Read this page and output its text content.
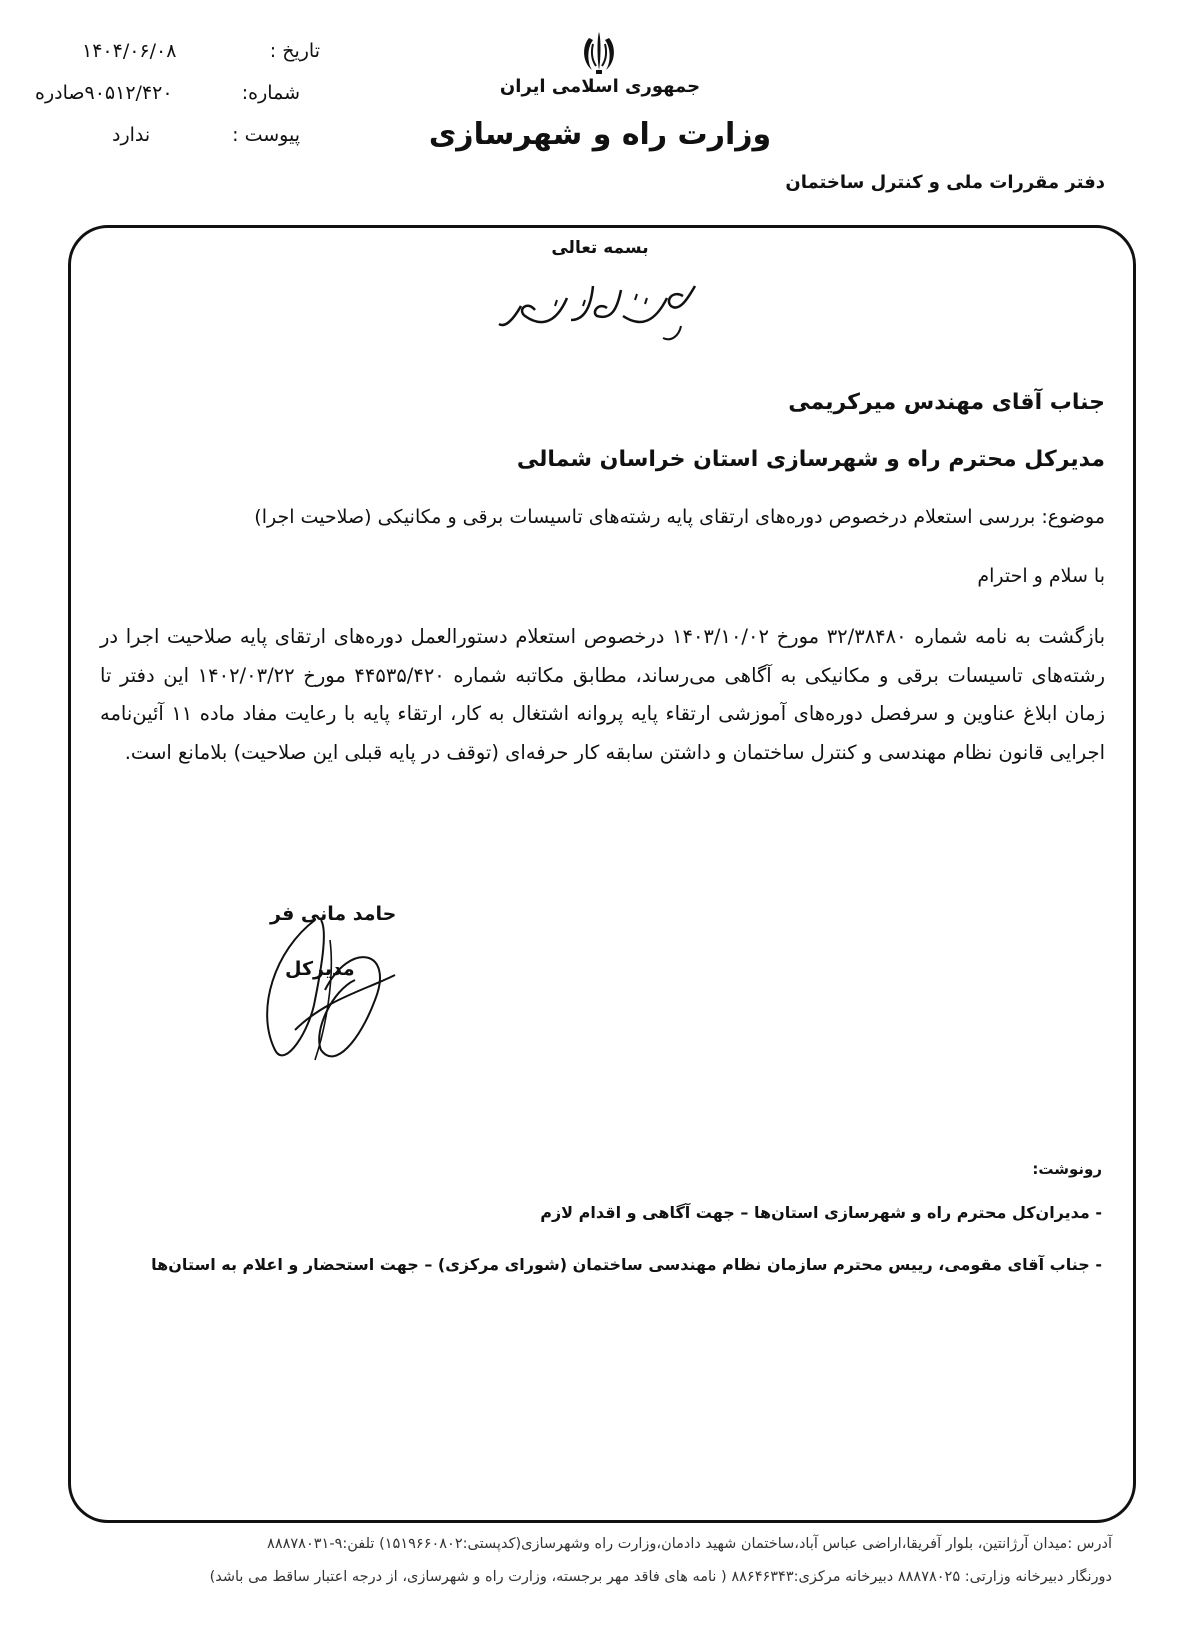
تاریخ :
۱۴۰۴/۰۶/۰۸
شماره:
۹۰۵۱۲/۴۲۰صادره
پیوست :
ندارد
جمهوری اسلامی ایران
وزارت راه و شهرسازی
دفتر مقررات ملی و کنترل ساختمان
بسمه تعالی
جناب آقای مهندس میرکریمی
مدیرکل محترم راه و شهرسازی استان خراسان شمالی
موضوع: بررسی استعلام درخصوص دوره‌های ارتقای پایه رشته‌های تاسیسات برقی و مکانیکی (صلاحیت اجرا)
با سلام و احترام
بازگشت به نامه شماره ۳۲/۳۸۴۸۰ مورخ ۱۴۰۳/۱۰/۰۲ درخصوص استعلام دستورالعمل دوره‌های ارتقای پایه صلاحیت اجرا در رشته‌های تاسیسات برقی و مکانیکی به آگاهی می‌رساند، مطابق مکاتبه شماره ۴۴۵۳۵/۴۲۰ مورخ ۱۴۰۲/۰۳/۲۲ این دفتر تا زمان ابلاغ عناوین و سرفصل دوره‌های آموزشی ارتقاء پایه پروانه اشتغال به کار، ارتقاء پایه با رعایت مفاد ماده ۱۱ آئین‌نامه اجرایی قانون نظام مهندسی و کنترل ساختمان و داشتن سابقه کار حرفه‌ای (توقف در پایه قبلی این صلاحیت) بلامانع است.
حامد مانی فر
مدیرکل
رونوشت:
- مدیران‌کل محترم راه و شهرسازی استان‌ها – جهت آگاهی و اقدام لازم
- جناب آقای مقومی، رییس محترم سازمان نظام مهندسی ساختمان (شورای مرکزی) – جهت استحضار و اعلام به استان‌ها
آدرس :میدان آرژانتین، بلوار آفریقا،اراضی عباس آباد،ساختمان شهید دادمان،وزارت راه وشهرسازی(کدپستی:۱۵۱۹۶۶۰۸۰۲) تلفن:۹-۸۸۸۷۸۰۳۱
دورنگار دبیرخانه وزارتی: ۸۸۸۷۸۰۲۵ دبیرخانه مرکزی:۸۸۶۴۶۳۴۳ ( نامه های فاقد مهر برجسته، وزارت راه و شهرسازی، از درجه اعتبار ساقط می باشد)
